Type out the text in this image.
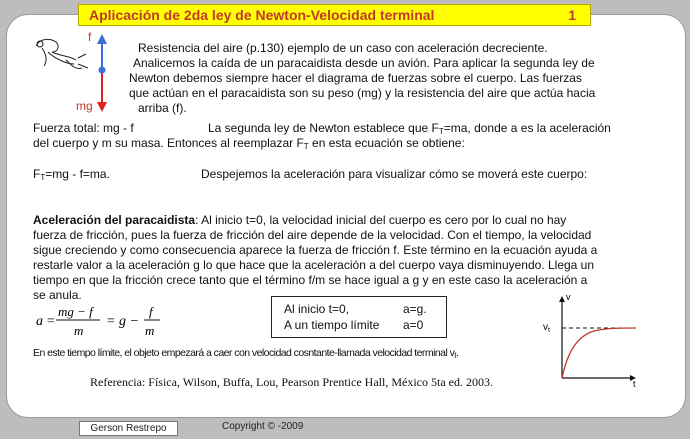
Aplicación de 2da ley de Newton-Velocidad terminal	1
f
mg
Resistencia del aire (p.130) ejemplo de un caso con aceleración decreciente.
Analicemos la caída de un paracaidista desde un avión. Para aplicar la segunda ley de
Newton debemos siempre hacer el diagrama de fuerzas sobre el cuerpo. Las fuerzas
que actúan en el paracaidista son su peso (mg) y la resistencia del aire que actúa hacia
arriba (f).
Fuerza total: mg - f	La segunda ley de Newton establece que $F_T=ma$, donde a es la aceleración
del cuerpo y m su masa. Entonces al reemplazar $F_T$ en esta ecuación se obtiene:
$F_T=mg - f=ma$.	Despejemos la aceleración para visualizar cómo se moverá este cuerpo:
Aceleración del paracaidista: Al inicio t=0, la velocidad inicial del cuerpo es cero por lo cual no hay
fuerza de fricción, pues la fuerza de fricción del aire depende de la velocidad. Con el tiempo, la velocidad
sigue creciendo y como consecuencia aparece la fuerza de fricción f. Este término en la ecuación ayuda a
restarle valor a la aceleración g lo que hace que la aceleración a del cuerpo vaya disminuyendo. Llega un
tiempo en que la fricción crece tanto que el término f/m se hace igual a g y en este caso la aceleración a
se anula.
a =
mg − f
m
= g −
f
m
Al inicio t=0,	a=g.
A un tiempo límite a=0
En este tiempo límite, el objeto empezará a caer con velocidad cosntante-llamada velocidad terminal $v_t$.
v
t
$v_t$
Referencia: Física, Wilson, Buffa, Lou, Pearson Prentice Hall, México 5ta ed. 2003.
Gerson Restrepo	Copyright © -2009
